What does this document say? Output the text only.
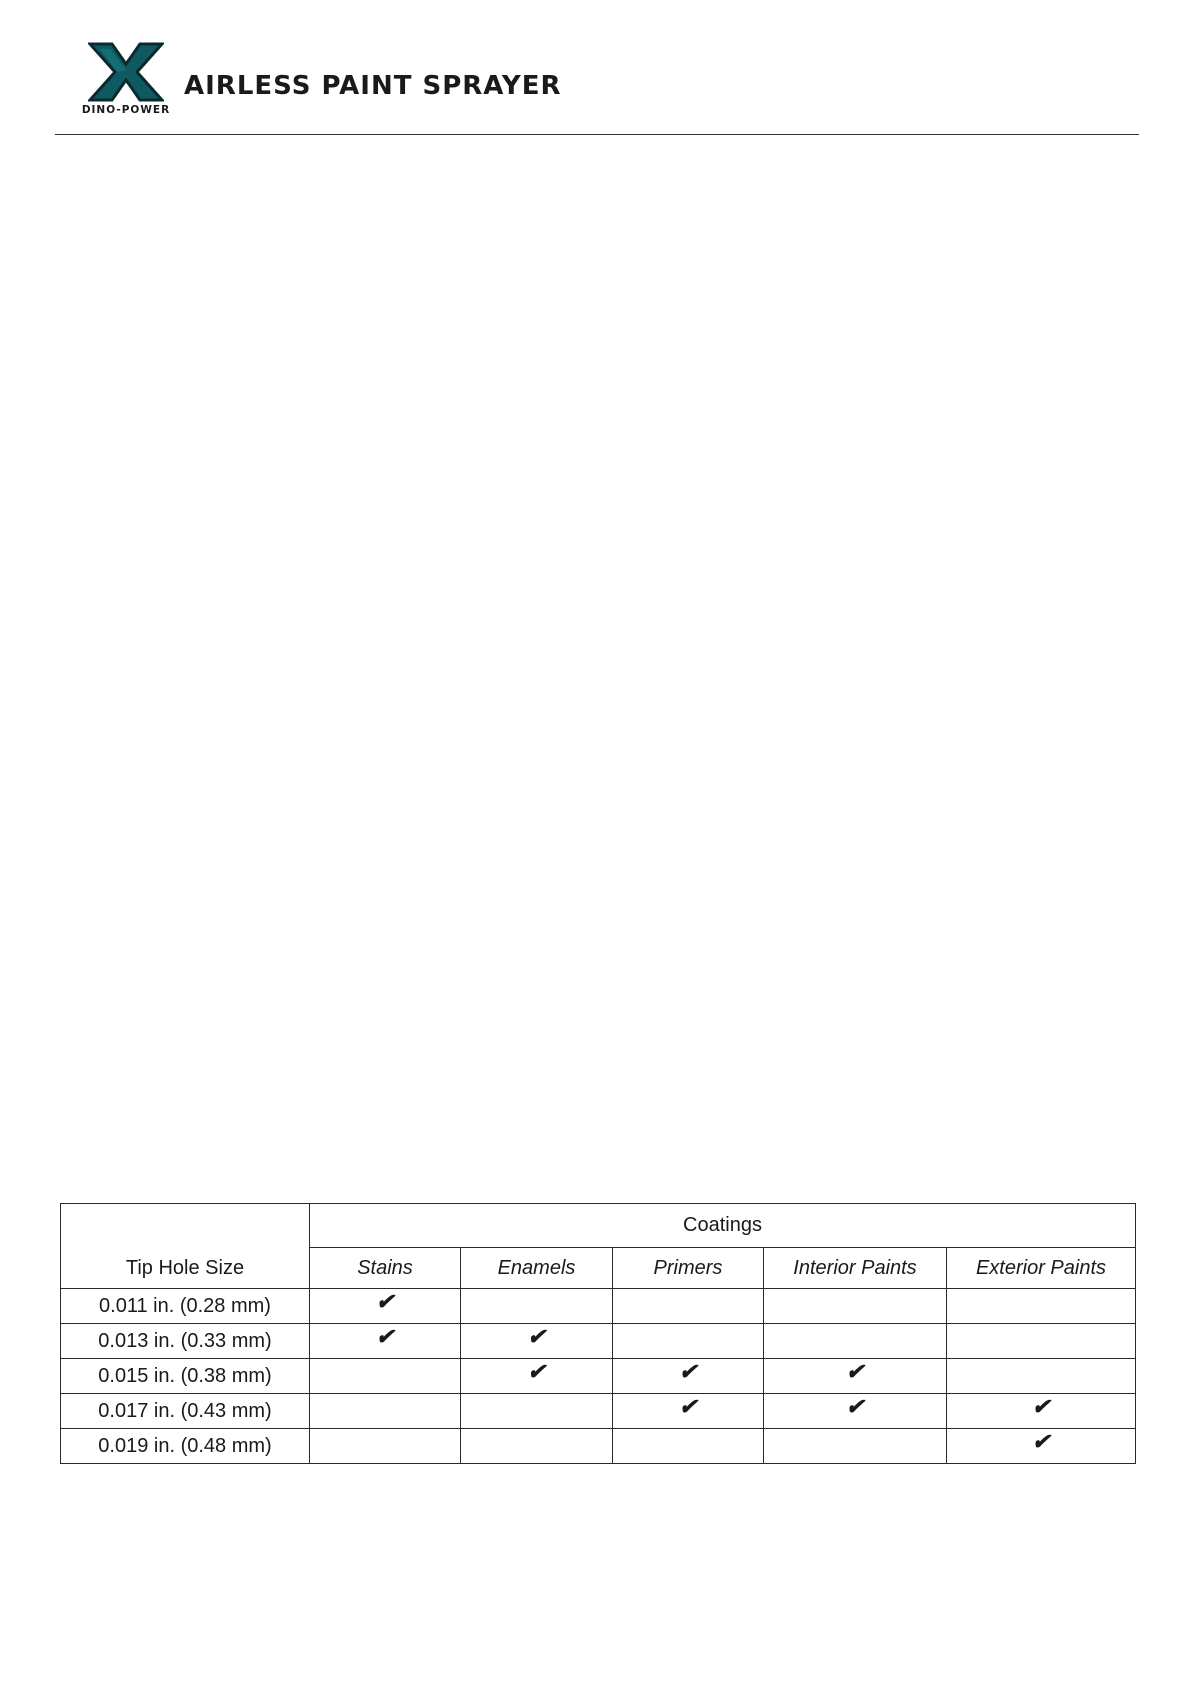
DINO-POWER
AIRLESS PAINT SPRAYER
Tip Hole Size	Coatings				
	Stains	Enamels	Primers	Interior Paints	Exterior Paints
0.011 in. (0.28 mm)	✔				
0.013 in. (0.33 mm)	✔	✔			
0.015 in. (0.38 mm)		✔	✔	✔	
0.017 in. (0.43 mm)			✔	✔	✔
0.019 in. (0.48 mm)					✔
